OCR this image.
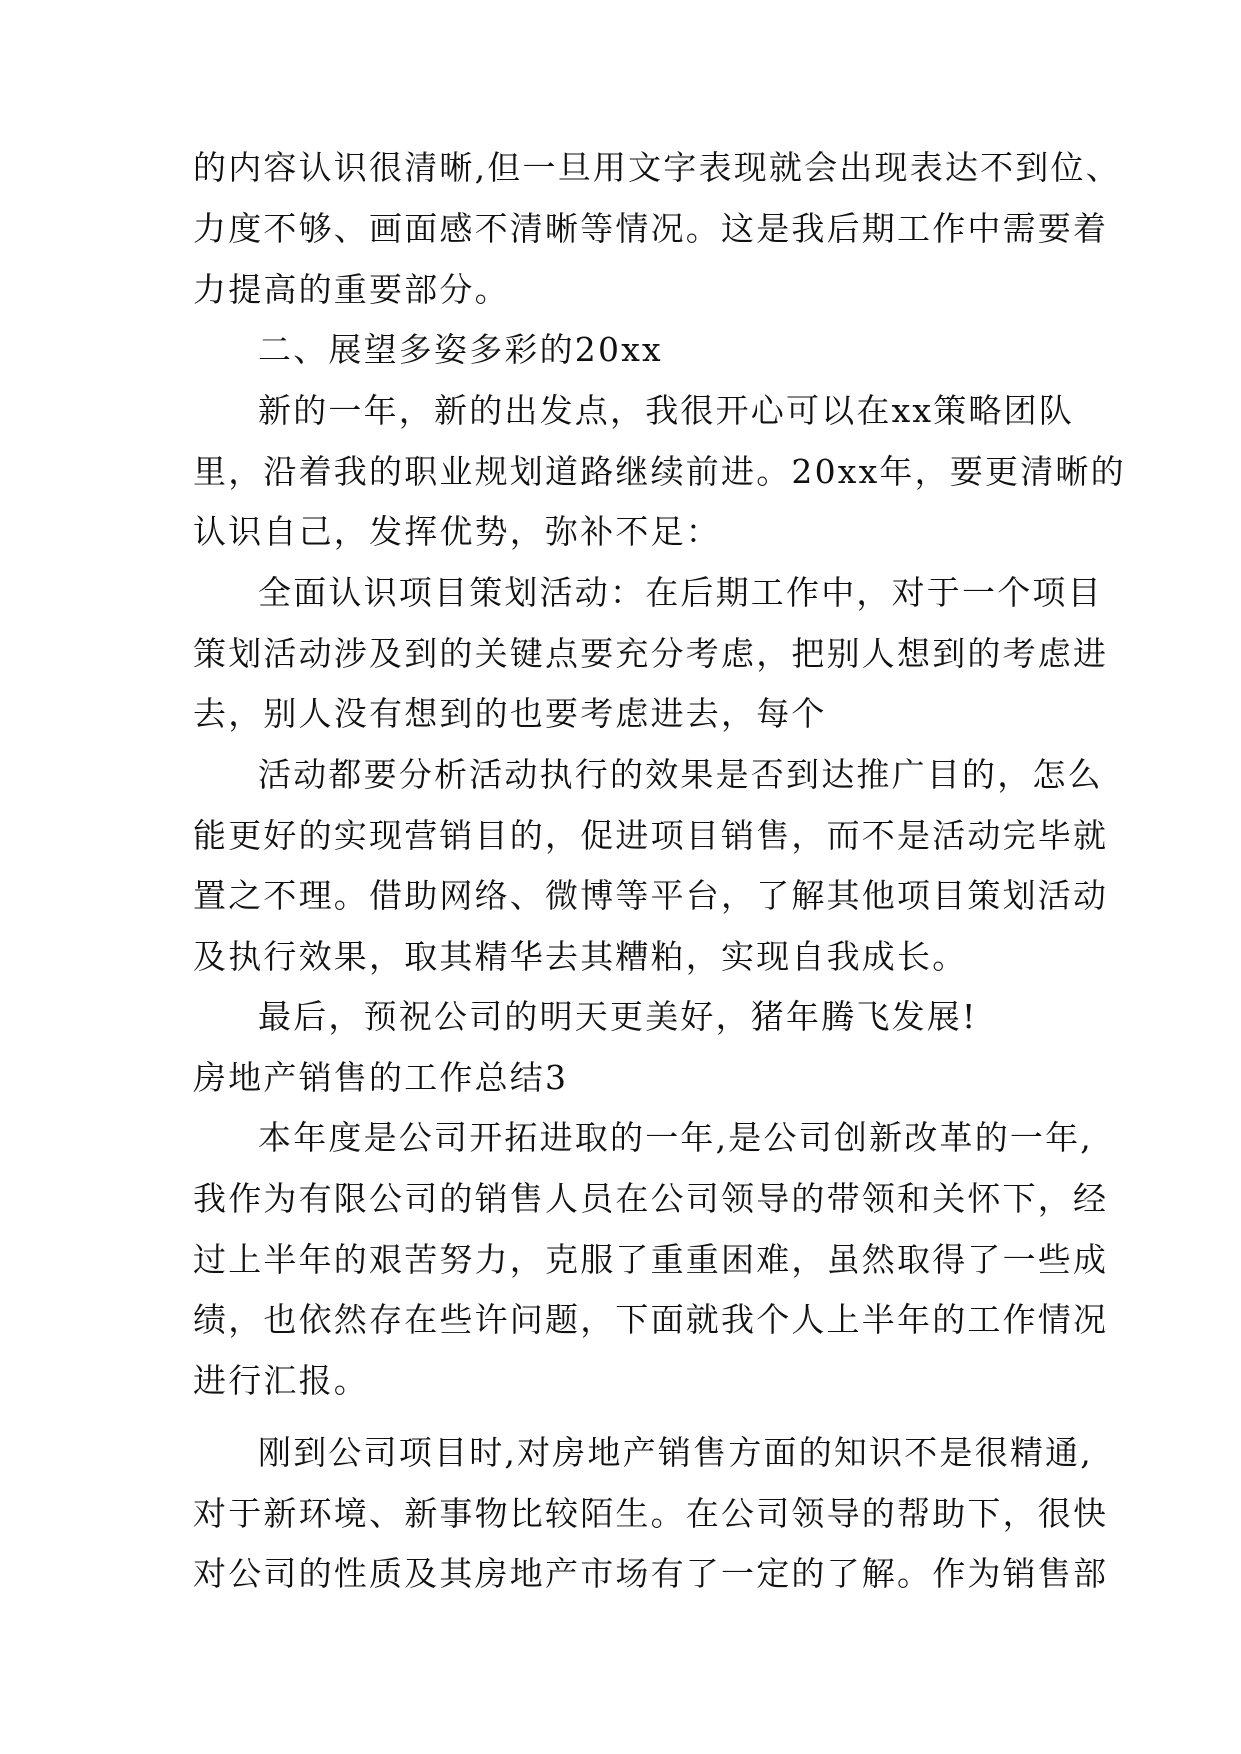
的内容认识很清晰,但一旦用文字表现就会出现表达不到位、
力度不够、画面感不清晰等情况。这是我后期工作中需要着
力提高的重要部分。
二、展望多姿多彩的20xx
新的一年，新的出发点，我很开心可以在xx策略团队
里，沿着我的职业规划道路继续前进。20xx年，要更清晰的
认识自己，发挥优势，弥补不足：
全面认识项目策划活动：在后期工作中，对于一个项目
策划活动涉及到的关键点要充分考虑，把别人想到的考虑进
去，别人没有想到的也要考虑进去，每个
活动都要分析活动执行的效果是否到达推广目的，怎么
能更好的实现营销目的，促进项目销售，而不是活动完毕就
置之不理。借助网络、微博等平台，了解其他项目策划活动
及执行效果，取其精华去其糟粕，实现自我成长。
最后，预祝公司的明天更美好，猪年腾飞发展!
房地产销售的工作总结3
本年度是公司开拓进取的一年,是公司创新改革的一年,
我作为有限公司的销售人员在公司领导的带领和关怀下，经
过上半年的艰苦努力，克服了重重困难，虽然取得了一些成
绩，也依然存在些许问题，下面就我个人上半年的工作情况
进行汇报。
刚到公司项目时,对房地产销售方面的知识不是很精通,
对于新环境、新事物比较陌生。在公司领导的帮助下，很快
对公司的性质及其房地产市场有了一定的了解。作为销售部
